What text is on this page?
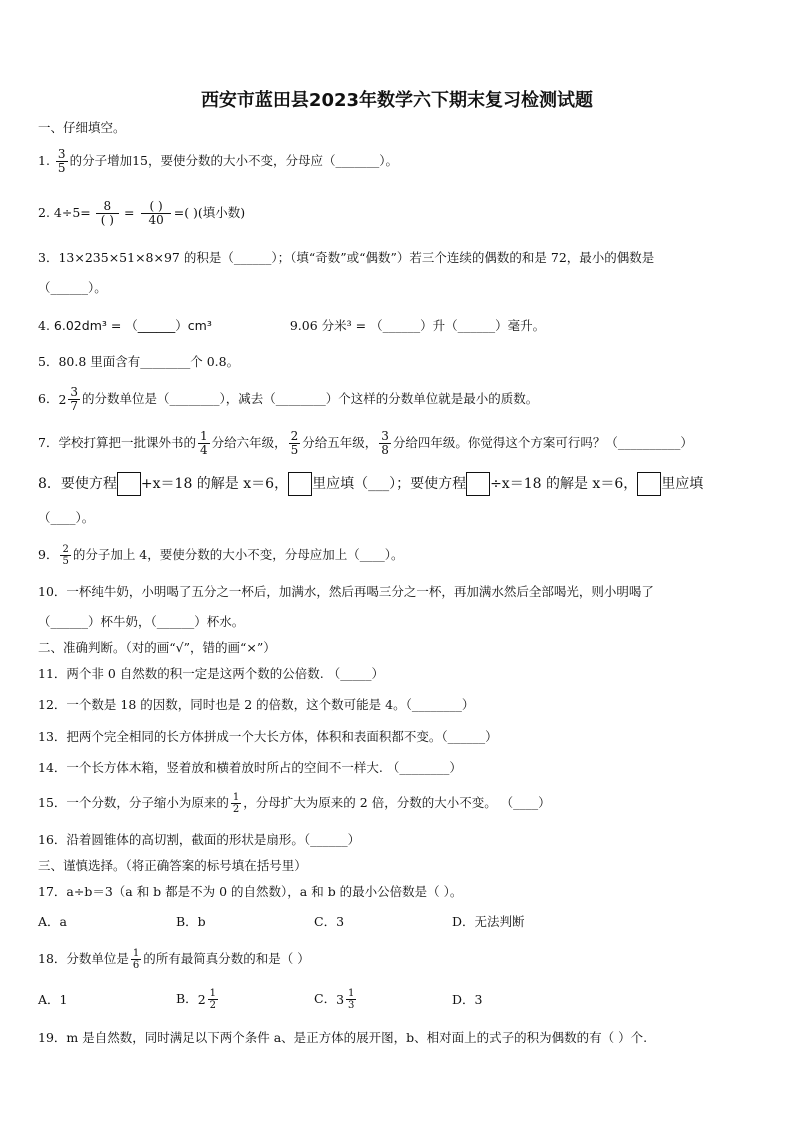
西安市蓝田县2023年数学六下期末复习检测试题
一、仔细填空。
1. $\frac{3}{5}$ 的分子增加15，要使分数的大小不变，分母应（_______）。
2. $4\div 5= \frac{8}{( )} = \frac{( )}{40}$ =( )(填小数)
3．13×235×51×8×97 的积是（______）；（填“奇数”或“偶数”）若三个连续的偶数的和是 72，最小的偶数是
（______）。
4. 6.02dm³ = （______）cm³	9.06 分米³ = （______）升（______）毫升。
5．80.8 里面含有________个 0.8。
6． $2 \frac{3}{7}$ 的分数单位是（________），减去（________）个这样的分数单位就是最小的质数。
7．学校打算把一批课外书的 $\frac{1}{4}$ 分给六年级， $\frac{2}{5}$ 分给五年级， $\frac{3}{8}$ 分给四年级。你觉得这个方案可行吗？（__________）
8．要使方程 +x＝18 的解是 x＝6， 里应填（___）；要使方程 ÷x＝18 的解是 x＝6， 里应填
（____）。
9． $\frac{2}{5}$ 的分子加上 4，要使分数的大小不变，分母应加上（____）。
10．一杯纯牛奶，小明喝了五分之一杯后，加满水，然后再喝三分之一杯，再加满水然后全部喝光，则小明喝了
（______）杯牛奶，（______）杯水。
二、准确判断。（对的画“√”，错的画“×”）
11．两个非 0 自然数的积一定是这两个数的公倍数. （_____）
12．一个数是 18 的因数，同时也是 2 的倍数，这个数可能是 4。（________）
13．把两个完全相同的长方体拼成一个大长方体，体积和表面积都不变。（______）
14．一个长方体木箱，竖着放和横着放时所占的空间不一样大. （________）
15．一个分数，分子缩小为原来的 $\frac{1}{2}$ ，分母扩大为原来的 2 倍，分数的大小不变。 （____）
16．沿着圆锥体的高切割，截面的形状是扇形。（______）
三、谨慎选择。（将正确答案的标号填在括号里）
17．a÷b＝3（a 和 b 都是不为 0 的自然数），a 和 b 的最小公倍数是（ ）。
A．a	B．b	C．3	D．无法判断
18．分数单位是 $\frac{1}{6}$ 的所有最简真分数的和是（ ）
A．1	B． $2 \frac{1}{2}$	C． $3 \frac{1}{3}$	D．3
19．m 是自然数，同时满足以下两个条件 a、是正方体的展开图，b、相对面上的式子的积为偶数的有（ ）个.
